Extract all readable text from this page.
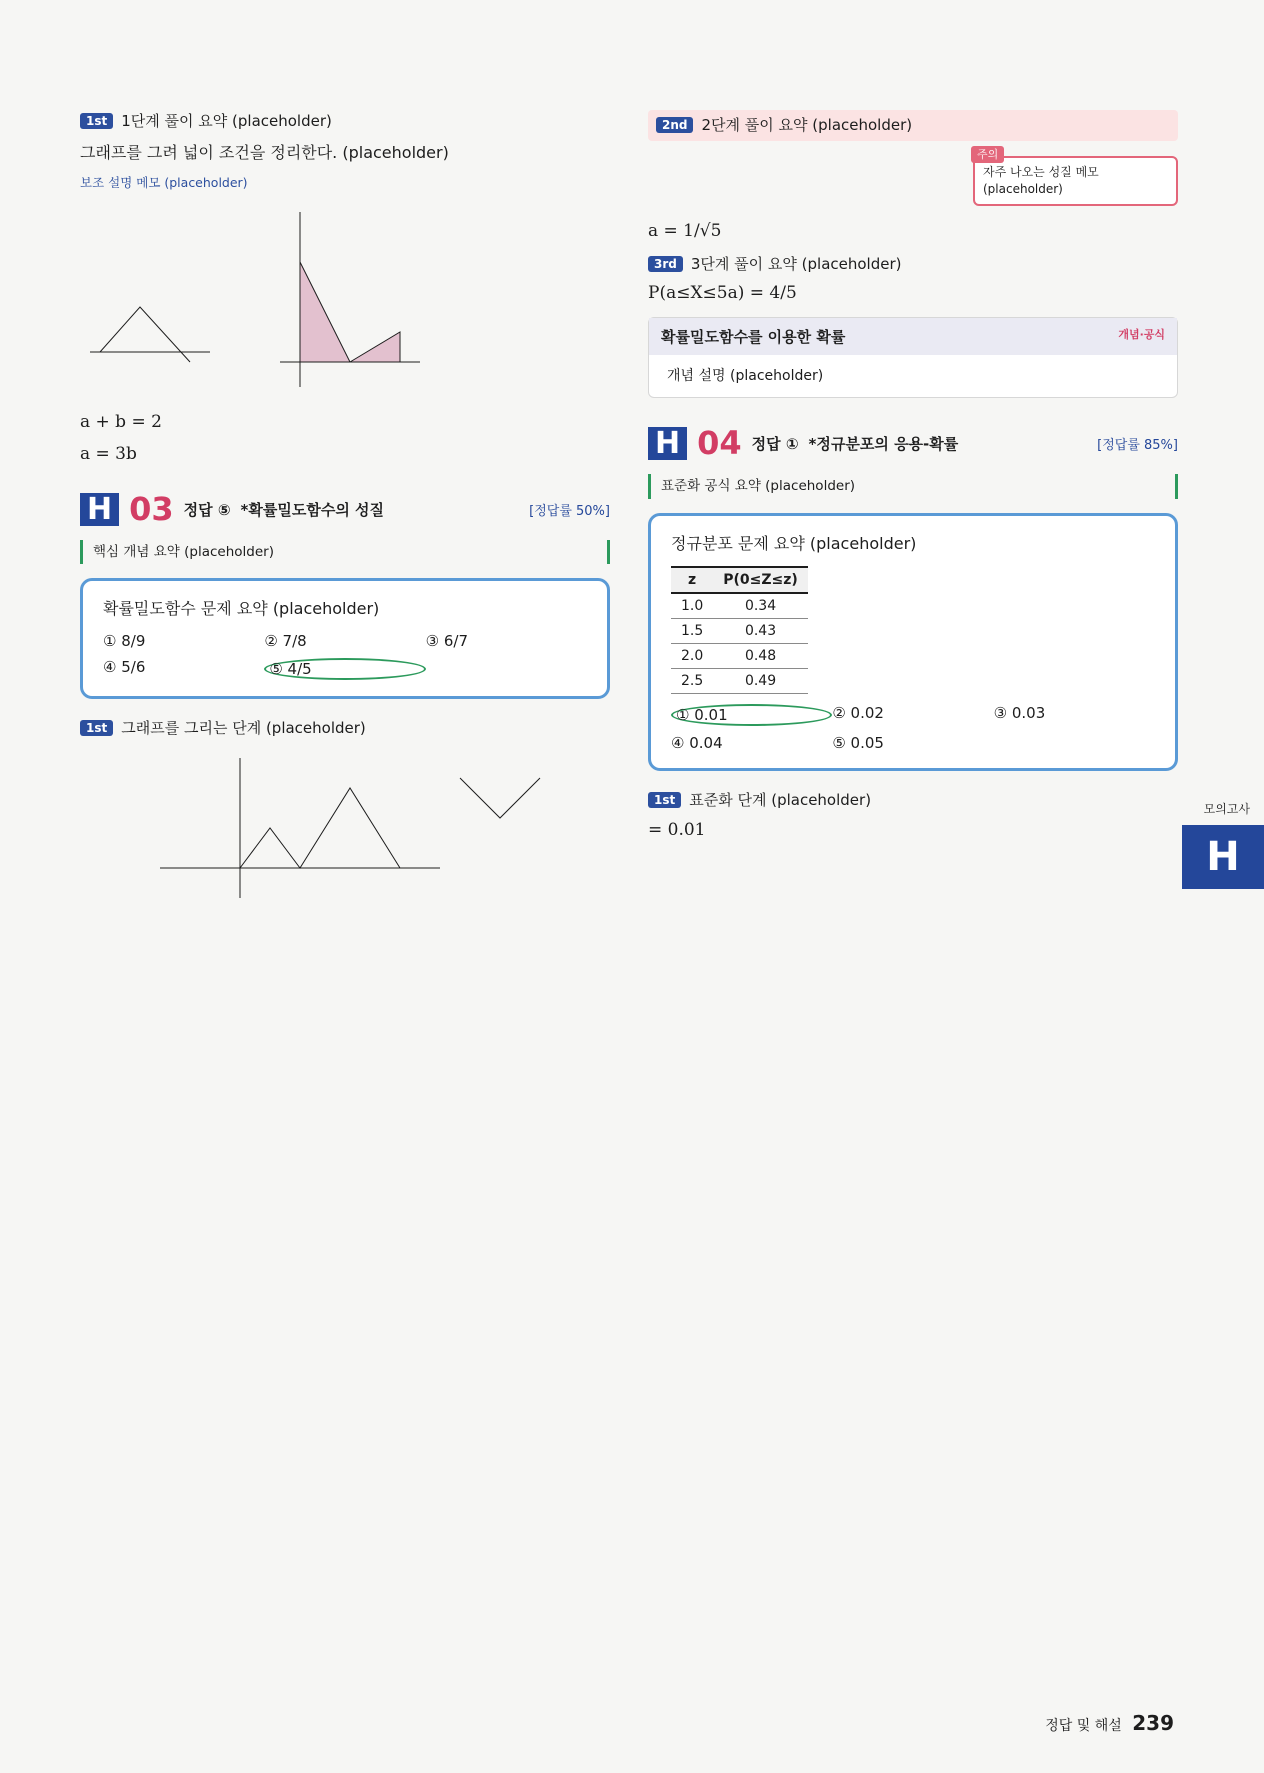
1st 1단계 풀이 요약 (placeholder)

그래프를 그려 넓이 조건을 정리한다. (placeholder)

보조 설명 메모 (placeholder)
a + b = 2
a = 3b
H 03 정답 ⑤ *확률밀도함수의 성질	[정답률 50%]
핵심 개념 요약 (placeholder)

확률밀도함수 문제 요약 (placeholder)

① 8/9	② 7/8	③ 6/7
④ 5/6	⑤ 4/5
1st 그래프를 그리는 단계 (placeholder)
2nd 2단계 풀이 요약 (placeholder)
주의
자주 나오는 성질 메모 (placeholder)
a = 1/√5
3rd 3단계 풀이 요약 (placeholder)
P(a≤X≤5a) = 4/5
확률밀도함수를 이용한 확률	개념·공식
개념 설명 (placeholder)
H 04 정답 ① *정규분포의 응용-확률	[정답률 85%]
표준화 공식 요약 (placeholder)

정규분포 문제 요약 (placeholder)

z	P(0≤Z≤z)
1.0	0.34
1.5	0.43
2.0	0.48
2.5	0.49
① 0.01	② 0.02	③ 0.03
④ 0.04	⑤ 0.05
1st 표준화 단계 (placeholder)
= 0.01
모의고사
H
정답 및 해설 239
